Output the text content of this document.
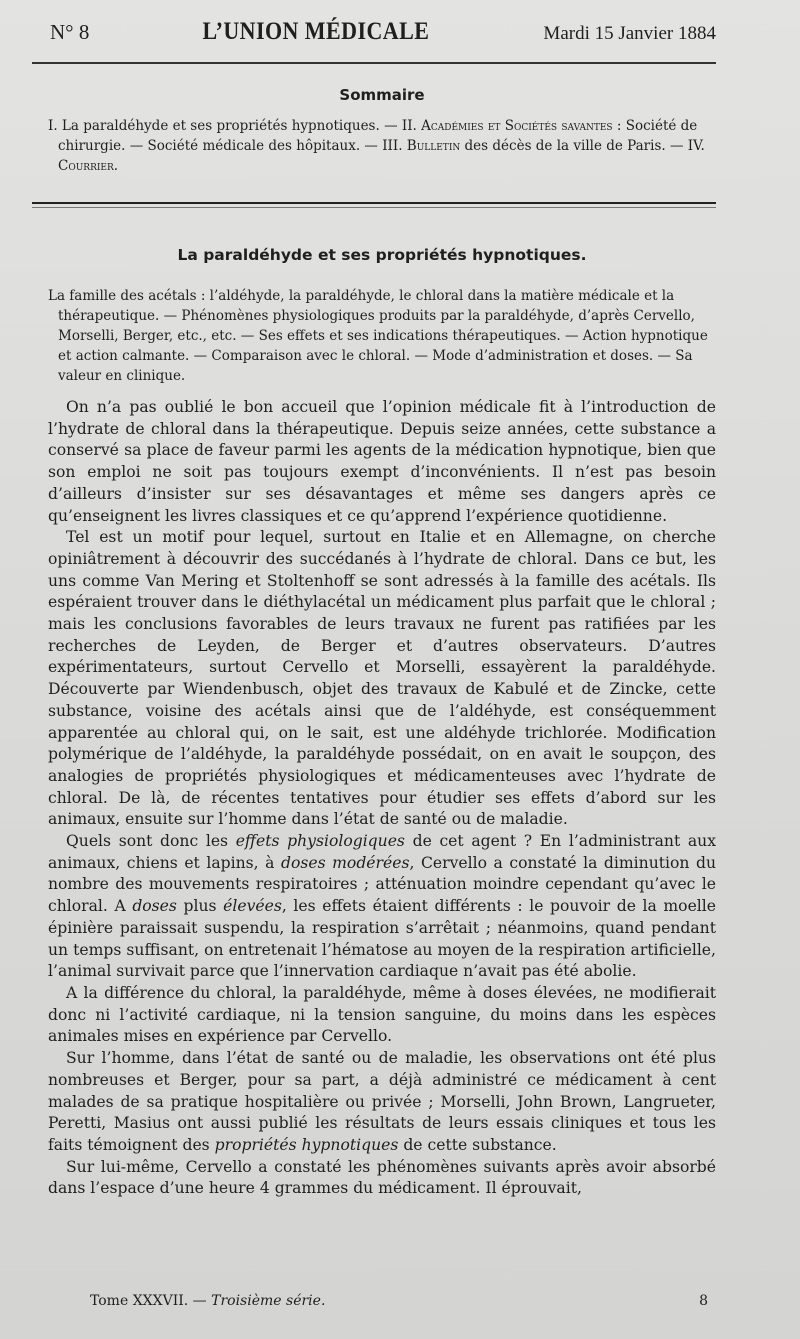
N° 8	L’UNION MÉDICALE	Mardi 15 Janvier 1884
Sommaire

I. La paraldéhyde et ses propriétés hypnotiques. — II. Académies et Sociétés savantes : Société de chirurgie. — Société médicale des hôpitaux. — III. Bulletin des décès de la ville de Paris. — IV. Courrier.

La paraldéhyde et ses propriétés hypnotiques.

La famille des acétals : l’aldéhyde, la paraldéhyde, le chloral dans la matière médicale et la thérapeutique. — Phénomènes physiologiques produits par la paraldéhyde, d’après Cervello, Morselli, Berger, etc., etc. — Ses effets et ses indications thérapeutiques. — Action hypnotique et action calmante. — Comparaison avec le chloral. — Mode d’administration et doses. — Sa valeur en clinique.

On n’a pas oublié le bon accueil que l’opinion médicale fit à l’introduction de l’hydrate de chloral dans la thérapeutique. Depuis seize années, cette substance a conservé sa place de faveur parmi les agents de la médication hypnotique, bien que son emploi ne soit pas toujours exempt d’inconvénients. Il n’est pas besoin d’ailleurs d’insister sur ses désavantages et même ses dangers après ce qu’enseignent les livres classiques et ce qu’apprend l’expérience quotidienne.

Tel est un motif pour lequel, surtout en Italie et en Allemagne, on cherche opiniâtrement à découvrir des succédanés à l’hydrate de chloral. Dans ce but, les uns comme Van Mering et Stoltenhoff se sont adressés à la famille des acétals. Ils espéraient trouver dans le diéthylacétal un médicament plus parfait que le chloral ; mais les conclusions favorables de leurs travaux ne furent pas ratifiées par les recherches de Leyden, de Berger et d’autres observateurs. D’autres expérimentateurs, surtout Cervello et Morselli, essayèrent la paraldéhyde. Découverte par Wiendenbusch, objet des travaux de Kabulé et de Zincke, cette substance, voisine des acétals ainsi que de l’aldéhyde, est conséquemment apparentée au chloral qui, on le sait, est une aldéhyde trichlorée. Modification polymérique de l’aldéhyde, la paraldéhyde possédait, on en avait le soupçon, des analogies de propriétés physiologiques et médicamenteuses avec l’hydrate de chloral. De là, de récentes tentatives pour étudier ses effets d’abord sur les animaux, ensuite sur l’homme dans l’état de santé ou de maladie.

Quels sont donc les effets physiologiques de cet agent ? En l’administrant aux animaux, chiens et lapins, à doses modérées, Cervello a constaté la diminution du nombre des mouvements respiratoires ; atténuation moindre cependant qu’avec le chloral. A doses plus élevées, les effets étaient différents : le pouvoir de la moelle épinière paraissait suspendu, la respiration s’arrêtait ; néanmoins, quand pendant un temps suffisant, on entretenait l’hématose au moyen de la respiration artificielle, l’animal survivait parce que l’innervation cardiaque n’avait pas été abolie.

A la différence du chloral, la paraldéhyde, même à doses élevées, ne modifierait donc ni l’activité cardiaque, ni la tension sanguine, du moins dans les espèces animales mises en expérience par Cervello.

Sur l’homme, dans l’état de santé ou de maladie, les observations ont été plus nombreuses et Berger, pour sa part, a déjà administré ce médicament à cent malades de sa pratique hospitalière ou privée ; Morselli, John Brown, Langrueter, Peretti, Masius ont aussi publié les résultats de leurs essais cliniques et tous les faits témoignent des propriétés hypnotiques de cette substance.

Sur lui-même, Cervello a constaté les phénomènes suivants après avoir absorbé dans l’espace d’une heure 4 grammes du médicament. Il éprouvait,

Tome XXXVII. — Troisième série.	8
